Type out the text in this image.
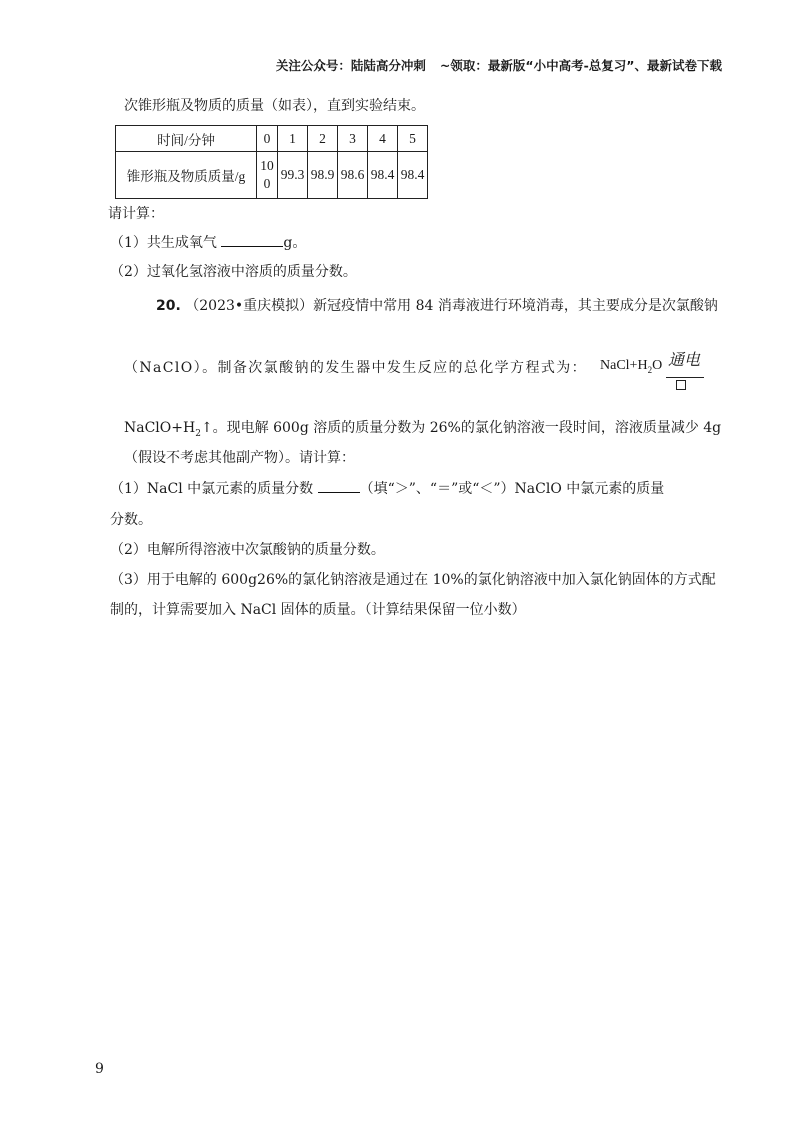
关注公众号：陆陆高分冲刺 ~领取：最新版“小中高考-总复习”、最新试卷下载
次锥形瓶及物质的质量（如表），直到实验结束。
时间/分钟	0	1	2	3	4	5
锥形瓶及物质质量/g	100	99.3	98.9	98.6	98.4	98.4
请计算：
（1）共生成氧气	g。
（2）过氧化氢溶液中溶质的质量分数。
20. （2023•重庆模拟）新冠疫情中常用 84 消毒液进行环境消毒，其主要成分是次氯酸钠
（NaClO）。制备次氯酸钠的发生器中发生反应的总化学方程式为： $NaCl+H_2O$ 通电
$NaClO+H_2↑$。现电解 600g 溶质的质量分数为 26%的氯化钠溶液一段时间，溶液质量减少 4g
（假设不考虑其他副产物）。请计算：
（1）NaCl 中氯元素的质量分数	（填“＞”、“＝”或“＜”）NaClO 中氯元素的质量
分数。
（2）电解所得溶液中次氯酸钠的质量分数。
（3）用于电解的 600g26%的氯化钠溶液是通过在 10%的氯化钠溶液中加入氯化钠固体的方式配
制的，计算需要加入 NaCl 固体的质量。（计算结果保留一位小数）
9
